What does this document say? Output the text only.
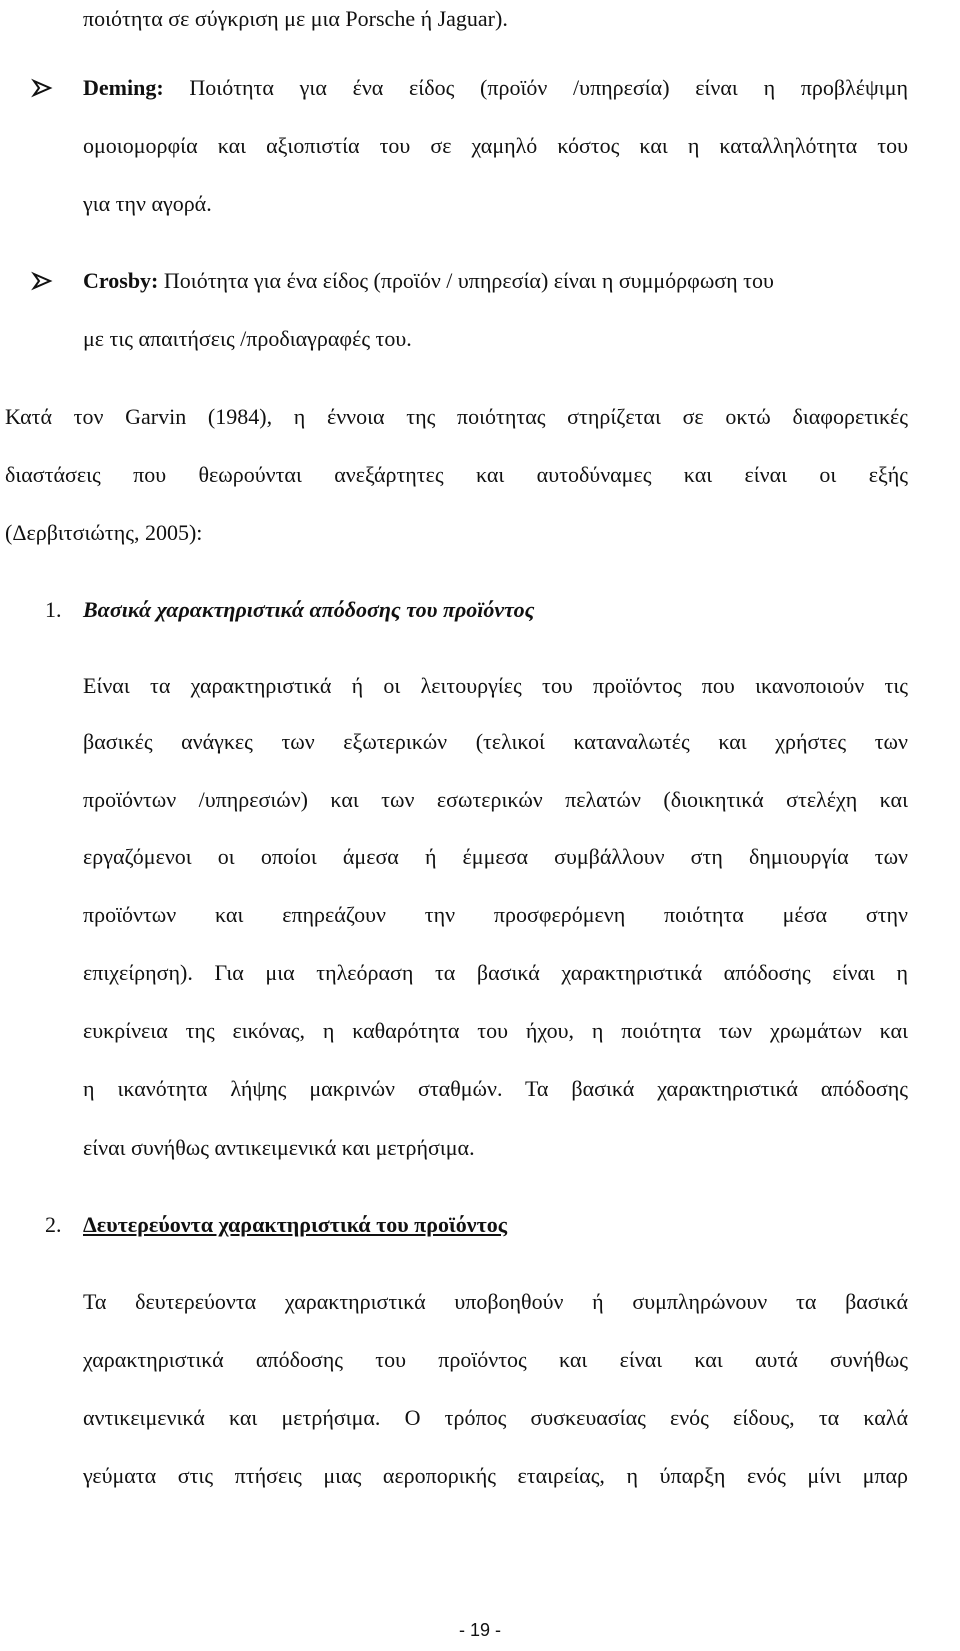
ποιότητα σε σύγκριση με μια Porsche ή Jaguar).
Deming: Ποιότητα για ένα είδος (προϊόν /υπηρεσία) είναι η προβλέψιμη
ομοιομορφία και αξιοπιστία του σε χαμηλό κόστος και η καταλληλότητα του
για την αγορά.
Crosby: Ποιότητα για ένα είδος (προϊόν / υπηρεσία) είναι η συμμόρφωση του
με τις απαιτήσεις /προδιαγραφές του.
Κατά τον Garvin (1984), η έννοια της ποιότητας στηρίζεται σε οκτώ διαφορετικές
διαστάσεις που θεωρούνται ανεξάρτητες και αυτοδύναμες και είναι οι εξής
(Δερβιτσιώτης, 2005):
1. Βασικά χαρακτηριστικά απόδοσης του προϊόντος
Είναι τα χαρακτηριστικά ή οι λειτουργίες του προϊόντος που ικανοποιούν τις
βασικές ανάγκες των εξωτερικών (τελικοί καταναλωτές και χρήστες των
προϊόντων /υπηρεσιών) και των εσωτερικών πελατών (διοικητικά στελέχη και
εργαζόμενοι οι οποίοι άμεσα ή έμμεσα συμβάλλουν στη δημιουργία των
προϊόντων και επηρεάζουν την προσφερόμενη ποιότητα μέσα στην
επιχείρηση). Για μια τηλεόραση τα βασικά χαρακτηριστικά απόδοσης είναι η
ευκρίνεια της εικόνας, η καθαρότητα του ήχου, η ποιότητα των χρωμάτων και
η ικανότητα λήψης μακρινών σταθμών. Τα βασικά χαρακτηριστικά απόδοσης
είναι συνήθως αντικειμενικά και μετρήσιμα.
2. Δευτερεύοντα χαρακτηριστικά του προϊόντος
Τα δευτερεύοντα χαρακτηριστικά υποβοηθούν ή συμπληρώνουν τα βασικά
χαρακτηριστικά απόδοσης του προϊόντος και είναι και αυτά συνήθως
αντικειμενικά και μετρήσιμα. Ο τρόπος συσκευασίας ενός είδους, τα καλά
γεύματα στις πτήσεις μιας αεροπορικής εταιρείας, η ύπαρξη ενός μίνι μπαρ
- 19 -
